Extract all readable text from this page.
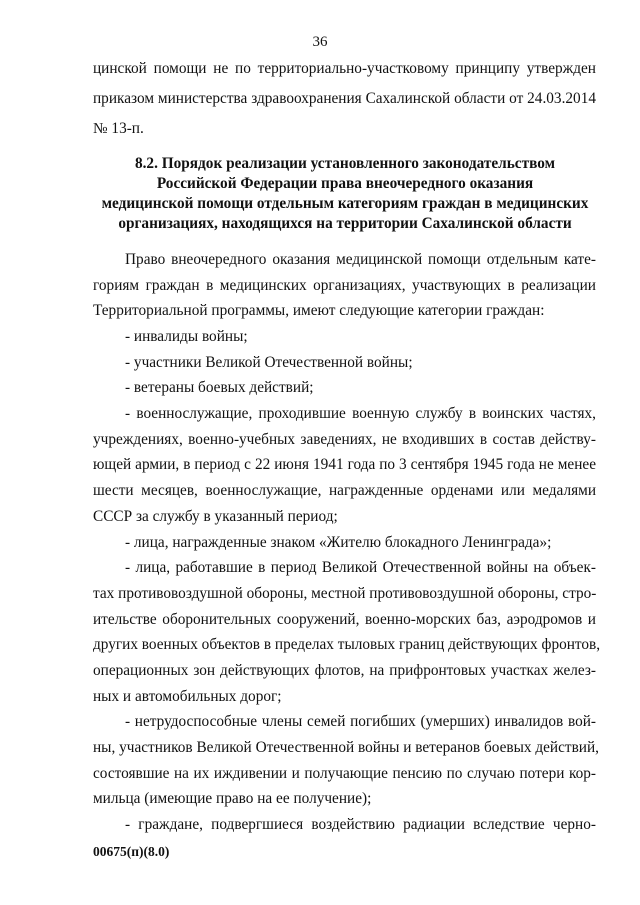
36
цинской помощи не по территориально-участковому принципу утвержден
приказом министерства здравоохранения Сахалинской области от 24.03.2014
№ 13-п.
8.2. Порядок реализации установленного законодательством
Российской Федерации права внеочередного оказания
медицинской помощи отдельным категориям граждан в медицинских
организациях, находящихся на территории Сахалинской области
Право внеочередного оказания медицинской помощи отдельным кате-
гориям граждан в медицинских организациях, участвующих в реализации
Территориальной программы, имеют следующие категории граждан:
- инвалиды войны;
- участники Великой Отечественной войны;
- ветераны боевых действий;
- военнослужащие, проходившие военную службу в воинских частях,
учреждениях, военно-учебных заведениях, не входивших в состав действу-
ющей армии, в период с 22 июня 1941 года по 3 сентября 1945 года не менее
шести месяцев, военнослужащие, награжденные орденами или медалями
СССР за службу в указанный период;
- лица, награжденные знаком «Жителю блокадного Ленинграда»;
- лица, работавшие в период Великой Отечественной войны на объек-
тах противовоздушной обороны, местной противовоздушной обороны, стро-
ительстве оборонительных сооружений, военно-морских баз, аэродромов и
других военных объектов в пределах тыловых границ действующих фронтов,
операционных зон действующих флотов, на прифронтовых участках желез-
ных и автомобильных дорог;
- нетрудоспособные члены семей погибших (умерших) инвалидов вой-
ны, участников Великой Отечественной войны и ветеранов боевых действий,
состоявшие на их иждивении и получающие пенсию по случаю потери кор-
мильца (имеющие право на ее получение);
- граждане, подвергшиеся воздействию радиации вследствие черно-
00675(п)(8.0)
